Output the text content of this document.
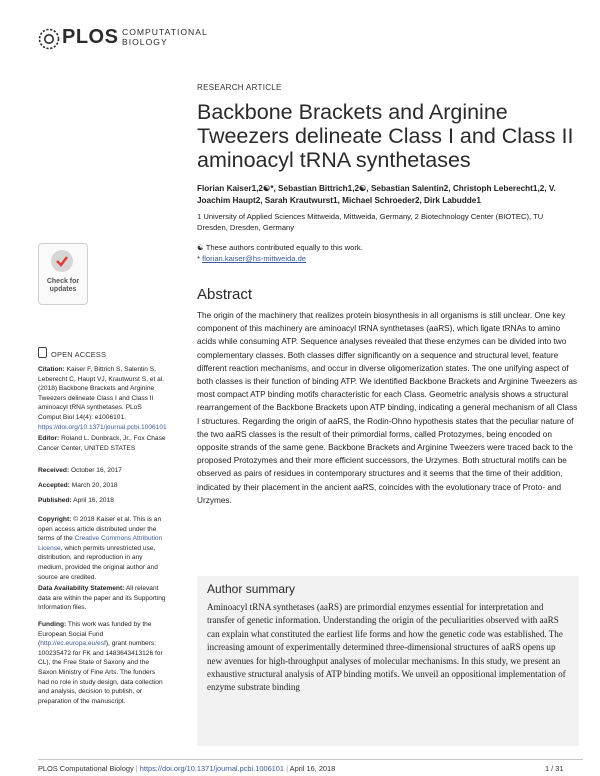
PLOS COMPUTATIONAL
BIOLOGY
RESEARCH ARTICLE
Backbone Brackets and Arginine Tweezers delineate Class I and Class II aminoacyl tRNA synthetases
Florian Kaiser1,2☯*, Sebastian Bittrich1,2☯, Sebastian Salentin2, Christoph Leberecht1,2, V. Joachim Haupt2, Sarah Krautwurst1, Michael Schroeder2, Dirk Labudde1
1 University of Applied Sciences Mittweida, Mittweida, Germany, 2 Biotechnology Center (BIOTEC), TU Dresden, Dresden, Germany
☯ These authors contributed equally to this work.
* florian.kaiser@hs-mittweida.de
Abstract
The origin of the machinery that realizes protein biosynthesis in all organisms is still unclear. One key component of this machinery are aminoacyl tRNA synthetases (aaRS), which ligate tRNAs to amino acids while consuming ATP. Sequence analyses revealed that these enzymes can be divided into two complementary classes. Both classes differ significantly on a sequence and structural level, feature different reaction mechanisms, and occur in diverse oligomerization states. The one unifying aspect of both classes is their function of binding ATP. We identified Backbone Brackets and Arginine Tweezers as most compact ATP binding motifs characteristic for each Class. Geometric analysis shows a structural rearrangement of the Backbone Brackets upon ATP binding, indicating a general mechanism of all Class I structures. Regarding the origin of aaRS, the Rodin-Ohno hypothesis states that the peculiar nature of the two aaRS classes is the result of their primordial forms, called Protozymes, being encoded on opposite strands of the same gene. Backbone Brackets and Arginine Tweezers were traced back to the proposed Protozymes and their more efficient successors, the Urzymes. Both structural motifs can be observed as pairs of residues in contemporary structures and it seems that the time of their addition, indicated by their placement in the ancient aaRS, coincides with the evolutionary trace of Proto- and Urzymes.
Author summary
Aminoacyl tRNA synthetases (aaRS) are primordial enzymes essential for interpretation and transfer of genetic information. Understanding the origin of the peculiarities observed with aaRS can explain what constituted the earliest life forms and how the genetic code was established. The increasing amount of experimentally determined three-dimensional structures of aaRS opens up new avenues for high-throughput analyses of molecular mechanisms. In this study, we present an exhaustive structural analysis of ATP binding motifs. We unveil an oppositional implementation of enzyme substrate binding
Check for updates
OPEN ACCESS
Citation: Kaiser F, Bittrich S, Salentin S, Leberecht C, Haupt VJ, Krautwurst S, et al. (2018) Backbone Brackets and Arginine Tweezers delineate Class I and Class II aminoacyl tRNA synthetases. PLoS Comput Biol 14(4): e1006101. https://doi.org/10.1371/journal.pcbi.1006101
Editor: Roland L. Dunbrack, Jr., Fox Chase Cancer Center, UNITED STATES
Received: October 16, 2017
Accepted: March 20, 2018
Published: April 16, 2018
Copyright: © 2018 Kaiser et al. This is an open access article distributed under the terms of the Creative Commons Attribution License, which permits unrestricted use, distribution, and reproduction in any medium, provided the original author and source are credited.
Data Availability Statement: All relevant data are within the paper and its Supporting Information files.
Funding: This work was funded by the European Social Fund (http://ec.europa.eu/esf), grant numbers: 100235472 for FK and 1483643413126 for CL), the Free State of Saxony and the Saxon Ministry of Fine Arts. The funders had no role in study design, data collection and analysis, decision to publish, or preparation of the manuscript.
PLOS Computational Biology | https://doi.org/10.1371/journal.pcbi.1006101 | April 16, 2018	1 / 31
